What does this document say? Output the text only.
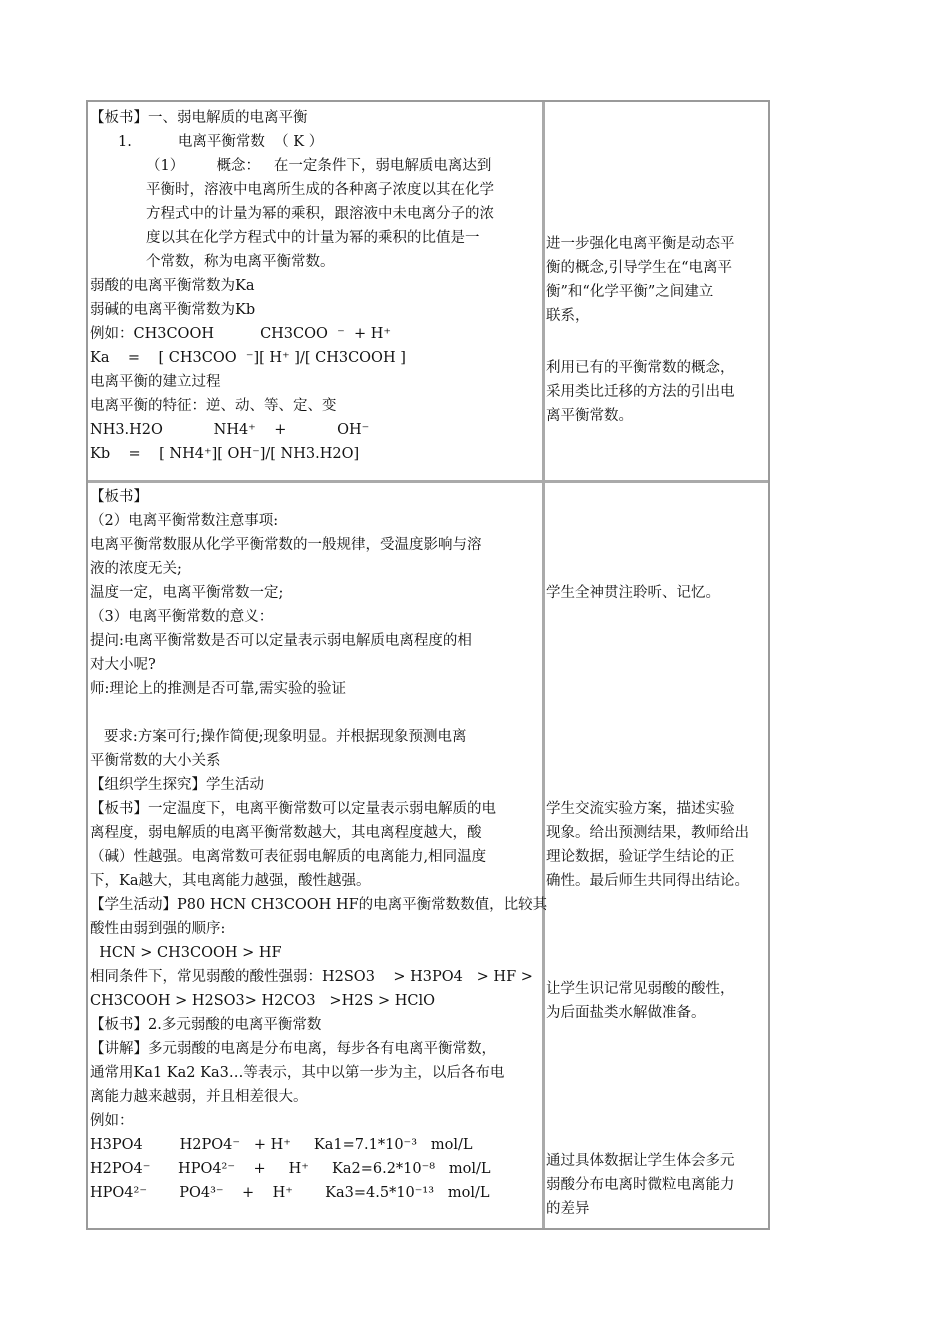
【板书】一、弱电解质的电离平衡
1.          电离平衡常数  （ K ）
（1）       概念：   在一定条件下，弱电解质电离达到
平衡时，溶液中电离所生成的各种离子浓度以其在化学
方程式中的计量为幂的乘积，跟溶液中未电离分子的浓
度以其在化学方程式中的计量为幂的乘积的比值是一
个常数，称为电离平衡常数。
弱酸的电离平衡常数为Ka
弱碱的电离平衡常数为Kb
例如：CH3COOH          CH3COO  ⁻  + H⁺
Ka    =    [ CH3COO  ⁻][ H⁺ ]/[ CH3COOH ]
电离平衡的建立过程
电离平衡的特征：逆、动、等、定、变
NH3.H2O           NH4⁺    +           OH⁻
Kb    =    [ NH4⁺][ OH⁻]/[ NH3.H2O]
进一步强化电离平衡是动态平
衡的概念,引导学生在“电离平
衡”和“化学平衡”之间建立
联系，
利用已有的平衡常数的概念，
采用类比迁移的方法的引出电
离平衡常数。
【板书】
（2）电离平衡常数注意事项:
电离平衡常数服从化学平衡常数的一般规律，受温度影响与溶
液的浓度无关;
温度一定，电离平衡常数一定;
（3）电离平衡常数的意义：
提问:电离平衡常数是否可以定量表示弱电解质电离程度的相
对大小呢?
师:理论上的推测是否可靠,需实验的验证
要求:方案可行;操作简便;现象明显。并根据现象预测电离
平衡常数的大小关系
【组织学生探究】学生活动
【板书】一定温度下，电离平衡常数可以定量表示弱电解质的电
离程度，弱电解质的电离平衡常数越大，其电离程度越大，酸
（碱）性越强。电离常数可表征弱电解质的电离能力,相同温度
下，Ka越大，其电离能力越强，酸性越强。
【学生活动】P80 HCN CH3COOH HF的电离平衡常数数值，比较其
酸性由弱到强的顺序:
HCN > CH3COOH > HF
相同条件下，常见弱酸的酸性强弱：H2SO3    > H3PO4   > HF >
CH3COOH > H2SO3> H2CO3   >H2S > HClO
【板书】2.多元弱酸的电离平衡常数
【讲解】多元弱酸的电离是分布电离，每步各有电离平衡常数，
通常用Ka1 Ka2 Ka3…等表示，其中以第一步为主，以后各布电
离能力越来越弱，并且相差很大。
例如：
H3PO4        H2PO4⁻   + H⁺     Ka1=7.1*10⁻³   mol/L
H2PO4⁻      HPO4²⁻    +     H⁺     Ka2=6.2*10⁻⁸   mol/L
HPO4²⁻       PO4³⁻    +    H⁺       Ka3=4.5*10⁻¹³   mol/L
学生全神贯注聆听、记忆。
学生交流实验方案，描述实验
现象。给出预测结果，教师给出
理论数据，验证学生结论的正
确性。最后师生共同得出结论。
让学生识记常见弱酸的酸性，
为后面盐类水解做准备。
通过具体数据让学生体会多元
弱酸分布电离时微粒电离能力
的差异
